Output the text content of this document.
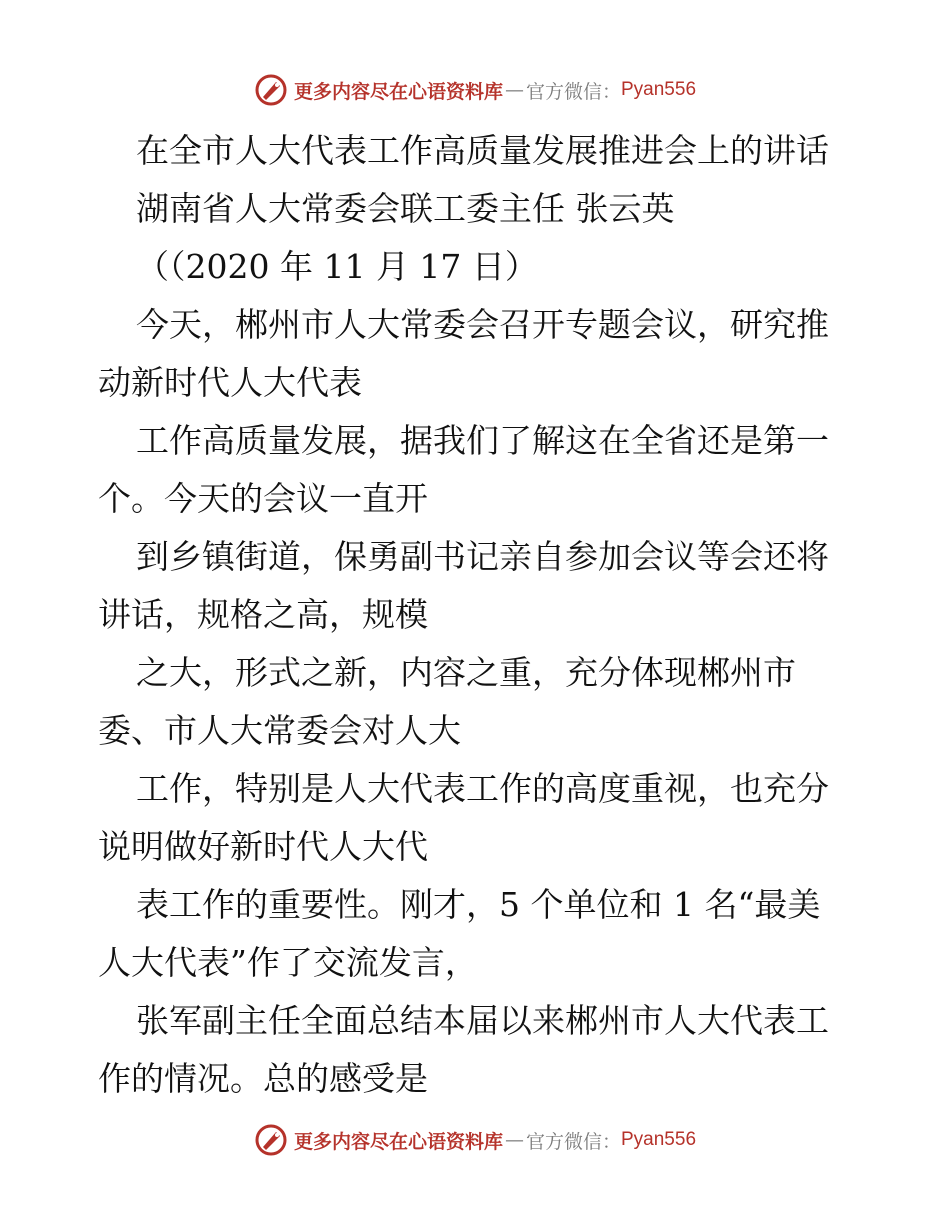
更多内容尽在心语资料库 — 官方微信： Pyan556
在全市人大代表工作高质量发展推进会上的讲话
湖南省人大常委会联工委主任 张云英
（（2020 年 11 月 17 日）
今天，郴州市人大常委会召开专题会议，研究推
动新时代人大代表
工作高质量发展，据我们了解这在全省还是第一
个。今天的会议一直开
到乡镇街道，保勇副书记亲自参加会议等会还将
讲话，规格之高，规模
之大，形式之新，内容之重，充分体现郴州市
委、市人大常委会对人大
工作，特别是人大代表工作的高度重视，也充分
说明做好新时代人大代
表工作的重要性。刚才，5 个单位和 1 名“最美
人大代表”作了交流发言，
张军副主任全面总结本届以来郴州市人大代表工
作的情况。总的感受是
更多内容尽在心语资料库 — 官方微信： Pyan556
